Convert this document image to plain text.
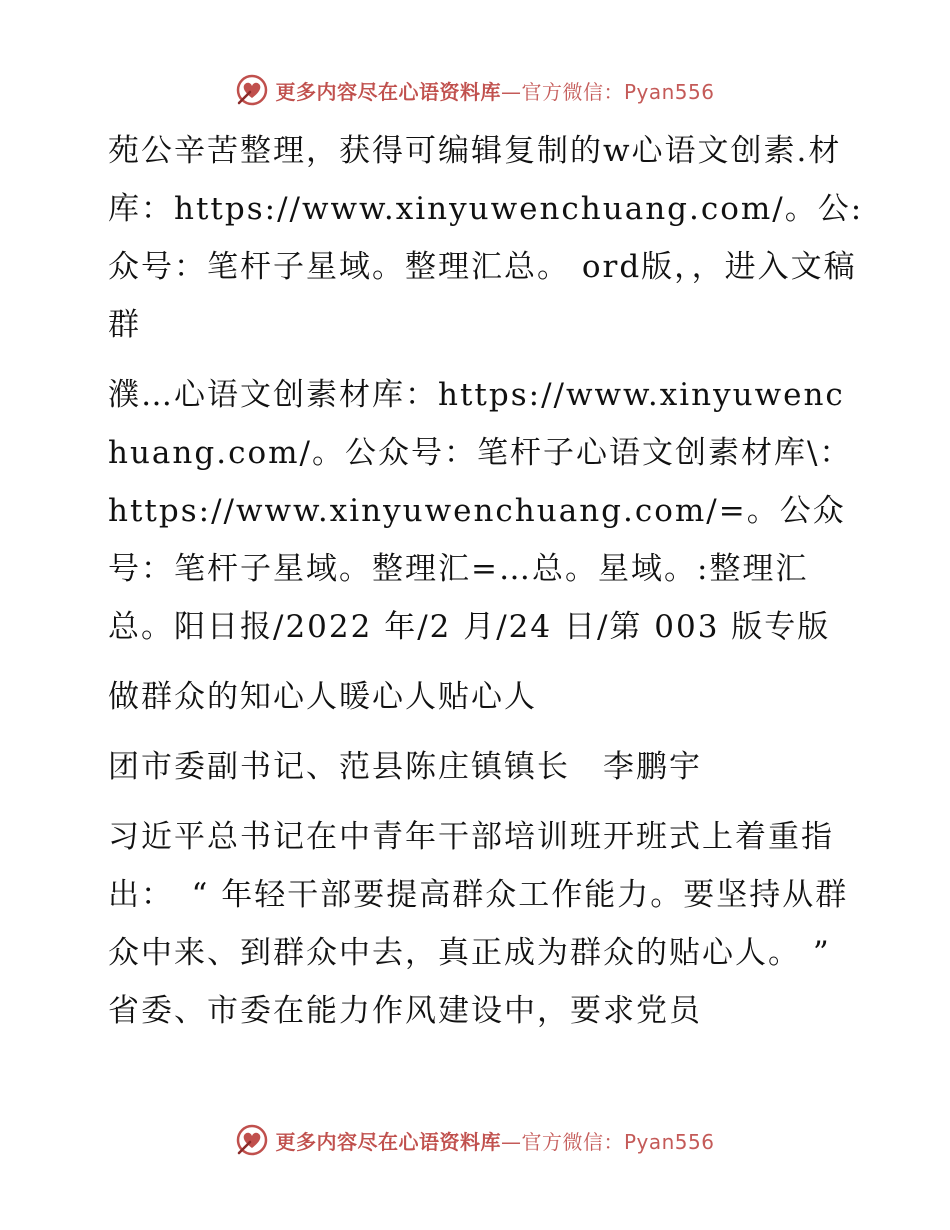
更多内容尽在心语资料库—官方微信：Pyan556

苑公辛苦整理，获得可编辑复制的w心语文创素.材库：https://www.xinyuwenchuang.com/。公:众号：笔杆子星域。整理汇总。 ord版，，进入文稿群

濮…心语文创素材库：https://www.xinyuwenchuang.com/。公众号：笔杆子心语文创素材库\：https://www.xinyuwenchuang.com/=。公众号：笔杆子星域。整理汇=…总。星域。:整理汇总。阳日报/2022 年/2 月/24 日/第 003 版专版

做群众的知心人暖心人贴心人

团市委副书记、范县陈庄镇镇长　李鹏宇

习近平总书记在中青年干部培训班开班式上着重指出：　“ 年轻干部要提高群众工作能力。要坚持从群众中来、到群众中去，真正成为群众的贴心人。 ”　省委、市委在能力作风建设中，要求党员

更多内容尽在心语资料库—官方微信：Pyan556
